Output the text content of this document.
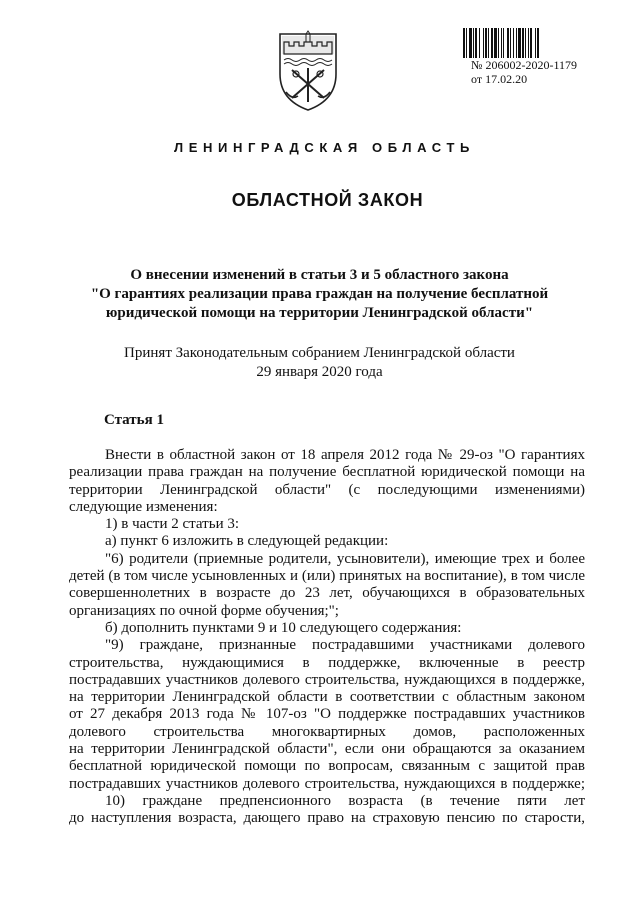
№ 206002-2020-1179
от 17.02.20
ЛЕНИНГРАДСКАЯ ОБЛАСТЬ
ОБЛАСТНОЙ ЗАКОН
О внесении изменений в статьи 3 и 5 областного закона
"О гарантиях реализации права граждан на получение бесплатной
юридической помощи на территории Ленинградской области"
Принят Законодательным собранием Ленинградской области
29 января 2020 года
Статья 1
Внести в областной закон от 18 апреля 2012 года № 29-оз "О гарантиях
реализации права граждан на получение бесплатной юридической помощи на
территории Ленинградской области" (с последующими изменениями)
следующие изменения:
1) в части 2 статьи 3:
а) пункт 6 изложить в следующей редакции:
"6) родители (приемные родители, усыновители), имеющие трех и более
детей (в том числе усыновленных и (или) принятых на воспитание), в том числе
совершеннолетних в возрасте до 23 лет, обучающихся в образовательных
организациях по очной форме обучения;";
б) дополнить пунктами 9 и 10 следующего содержания:
"9) граждане, признанные пострадавшими участниками долевого
строительства, нуждающимися в поддержке, включенные в реестр
пострадавших участников долевого строительства, нуждающихся в поддержке,
на территории Ленинградской области в соответствии с областным законом
от 27 декабря 2013 года № 107-оз "О поддержке пострадавших участников
долевого строительства многоквартирных домов, расположенных
на территории Ленинградской области", если они обращаются за оказанием
бесплатной юридической помощи по вопросам, связанным с защитой прав
пострадавших участников долевого строительства, нуждающихся в поддержке;
10) граждане предпенсионного возраста (в течение пяти лет
до наступления возраста, дающего право на страховую пенсию по старости,
